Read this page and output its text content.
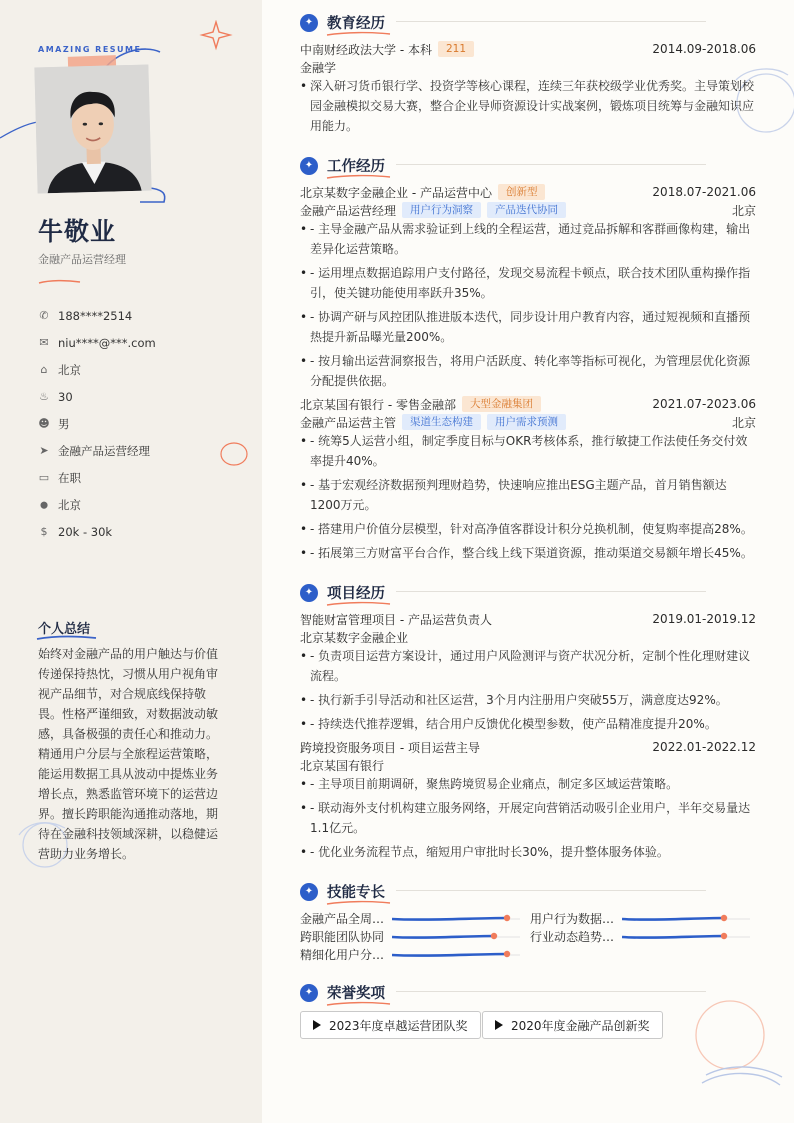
AMAZING RESUME
牛敬业
金融产品运营经理
✆ 188****2514
✉ niu****@***.com
⌂ 北京
♨ 30
☻ 男
➤ 金融产品运营经理
▭ 在职
⬤ 北京
$ 20k - 30k
个人总结
始终对金融产品的用户触达与价值传递保持热忱，习惯从用户视角审视产品细节，对合规底线保持敬畏。性格严谨细致，对数据波动敏感，具备极强的责任心和推动力。精通用户分层与全旅程运营策略，能运用数据工具从波动中提炼业务增长点，熟悉监管环境下的运营边界。擅长跨职能沟通推动落地，期待在金融科技领域深耕，以稳健运营助力业务增长。
✦ 教育经历
中南财经政法大学 - 本科	211	2014.09-2018.06
金融学
• 深入研习货币银行学、投资学等核心课程，连续三年获校级学业优秀奖。主导策划校园金融模拟交易大赛，整合企业导师资源设计实战案例，锻炼项目统筹与金融知识应用能力。
✦ 工作经历
北京某数字金融企业 - 产品运营中心	创新型	2018.07-2021.06
金融产品运营经理	用户行为洞察	产品迭代协同	北京
• - 主导金融产品从需求验证到上线的全程运营，通过竞品拆解和客群画像构建，输出差异化运营策略。
• - 运用埋点数据追踪用户支付路径，发现交易流程卡顿点，联合技术团队重构操作指引，使关键功能使用率跃升35%。
• - 协调产研与风控团队推进版本迭代，同步设计用户教育内容，通过短视频和直播预热提升新品曝光量200%。
• - 按月输出运营洞察报告，将用户活跃度、转化率等指标可视化，为管理层优化资源分配提供依据。
北京某国有银行 - 零售金融部	大型金融集团	2021.07-2023.06
金融产品运营主管	渠道生态构建	用户需求预测	北京
• - 统筹5人运营小组，制定季度目标与OKR考核体系，推行敏捷工作法使任务交付效率提升40%。
• - 基于宏观经济数据预判理财趋势，快速响应推出ESG主题产品，首月销售额达1200万元。
• - 搭建用户价值分层模型，针对高净值客群设计积分兑换机制，使复购率提高28%。
• - 拓展第三方财富平台合作，整合线上线下渠道资源，推动渠道交易额年增长45%。
✦ 项目经历
智能财富管理项目 - 产品运营负责人	2019.01-2019.12
北京某数字金融企业
• - 负责项目运营方案设计，通过用户风险测评与资产状况分析，定制个性化理财建议流程。
• - 执行新手引导活动和社区运营，3个月内注册用户突破55万，满意度达92%。
• - 持续迭代推荐逻辑，结合用户反馈优化模型参数，使产品精准度提升20%。
跨境投资服务项目 - 项目运营主导	2022.01-2022.12
北京某国有银行
• - 主导项目前期调研，聚焦跨境贸易企业痛点，制定多区域运营策略。
• - 联动海外支付机构建立服务网络，开展定向营销活动吸引企业用户，半年交易量达1.1亿元。
• - 优化业务流程节点，缩短用户审批时长30%，提升整体服务体验。
✦ 技能专长
金融产品全周…	用户行为数据…
跨职能团队协同	行业动态趋势…
精细化用户分…
✦ 荣誉奖项
2023年度卓越运营团队奖	2020年度金融产品创新奖
